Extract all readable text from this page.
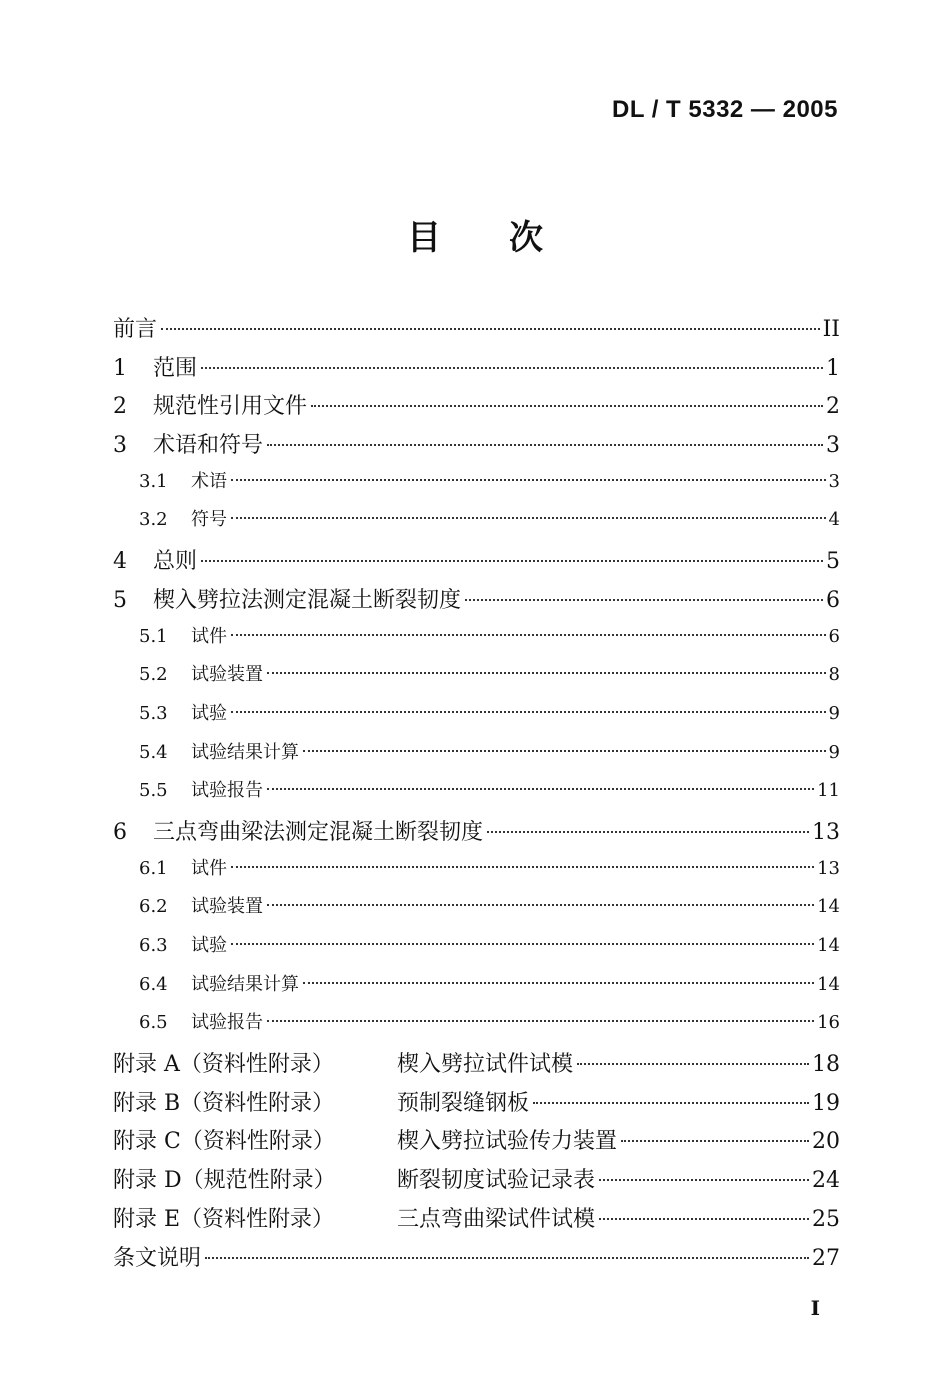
DL / T 5332 — 2005
目 次
前言	II
1	范围	1
2	规范性引用文件	2
3	术语和符号	3
3.1	术语	3
3.2	符号	4
4	总则	5
5	楔入劈拉法测定混凝土断裂韧度	6
5.1	试件	6
5.2	试验装置	8
5.3	试验	9
5.4	试验结果计算	9
5.5	试验报告	11
6	三点弯曲梁法测定混凝土断裂韧度	13
6.1	试件	13
6.2	试验装置	14
6.3	试验	14
6.4	试验结果计算	14
6.5	试验报告	16
附录 A（资料性附录）	楔入劈拉试件试模	18
附录 B（资料性附录）	预制裂缝钢板	19
附录 C（资料性附录）	楔入劈拉试验传力装置	20
附录 D（规范性附录）	断裂韧度试验记录表	24
附录 E（资料性附录）	三点弯曲梁试件试模	25
条文说明	27
I
